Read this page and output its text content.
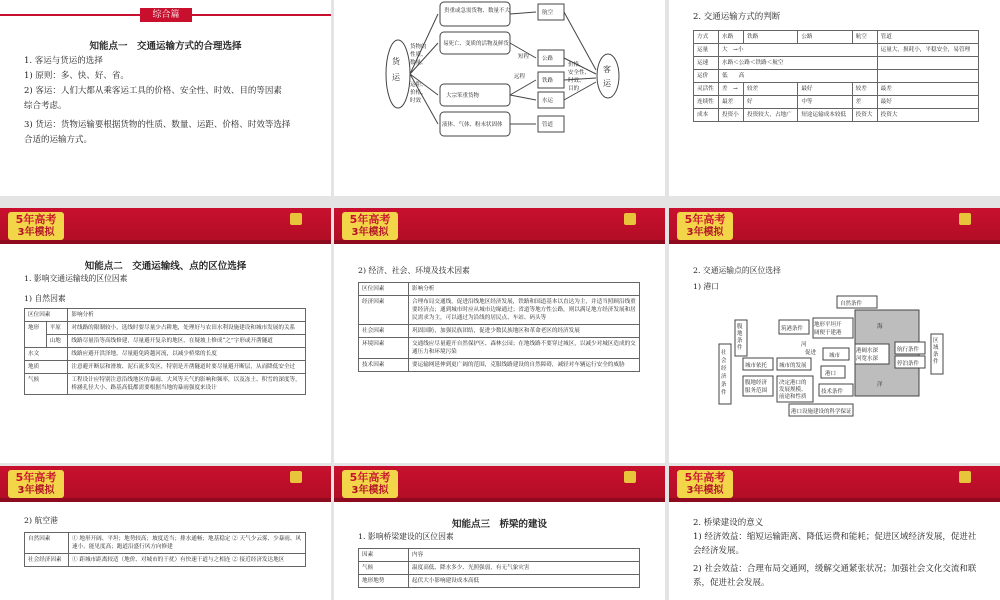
综合篇
知能点一　交通运输方式的合理选择
1. 客运与货运的选择
1) 原则：多、快、好、省。
2) 客运：人们大都从乘客运工具的价格、安全性、时效、目的等因素
综合考虑。
3) 货运：货物运输要根据货物的性质、数量、运距、价格、时效等选择
合适的运输方式。
货
运
货物的
性质、
数量、
运距、
价格、
时效
贵重或急需货物、数量不大
易死亡、变质的活物及鲜货
大宗笨重货物
液体、气体、粉末状固体
航空
公路
铁路
水运
管道
短程
远程
价格、
安全性、
时效、
目的
客
运
2. 交通运输方式的判断
方式	水路	铁路	公路	航空	管道
运量	大　→小				运量大，损耗小，平稳安全，易管理
运速	水路＜公路＜铁路＜航空				
运价	低　　高				
灵活性	差　→	较差	最好	较差	最差
连续性	最差	好	中等	差	最好
成本	投资小	投资较大，占地广	短途运输成本较低	投资大	投资大
5年高考
3年模拟
知能点二　交通运输线、点的区位选择
1. 影响交通运输线的区位因素
1) 自然因素
区位因素		影响分析
地形	平原	对线路的限制较小，选线时要尽量少占耕地，处理好与农田水利设施建设和城市发展的关系
	山地	线路尽量沿等高线修建，尽量避开复杂的地区，在疑坡上修成“之”字形或开凿隧道
水文		线路应避开洪泽地，尽量避免跨越河流，以减少桥梁的长度
地质		注意避开断层和滑坡、泥石流多发区，特别是开凿隧道时要尽量避开断层，从而降低安全过
气候		工程设计应特别注意沿线地区的暴雨、大风等天气的影响和频率，以及冻土、积雪的深度等，桥涵孔径大小、路基高低都需要根据当地的暴雨强度来设计
5年高考
3年模拟
2) 经济、社会、环境及技术因素
区位因素	影响分析
经济因素	合理布局交通线，促进沿线地区经济发展，铁路和国道基本以直达为主，并适当照顾沿线重要经济点；通到城市时应从城市边缘通过；省道等地方性公路，则以满足地方经济发展和居民需求为主，可以通过为沿线的居民点、车站、码头等
社会因素	巩固国防，加强民族团结，促进少数民族地区和革命老区的经济发展
环境因素	交通线应尽量避开自然保护区、森林公园；在地线路不要穿过城区，以减少对城区造成的交通压力和环境污染
技术因素	要运输网延伸到更广阔的范围，克服线路建设的自然障碍，减轻对车辆运行安全的威胁
5年高考
3年模拟
2. 交通运输点的区位选择
1) 港口
自然条件
区
域
条
件
腹
地
条
件
社
会
经
济
条
件
海
洋
筑港条件
地形平坦开
阔便于建港
港阔水深
河宽水深
航行条件
停泊条件
城市依托 城市的发展
城市
港口
腹地经济
服务范围
决定港口的
发展规模、
前途和性质
技术条件
港口设施建设的科学保证
河
促进
5年高考
3年模拟
2) 航空港
自然因素	① 地形开阔、平坦；地势较高；坡度适当；排水通畅；地基稳定 ② 天气少云雾、少暴雨、风速小、能见度高；跑道沿盛行风方向修建
社会经济因素	① 距城市距离较适（地价、对城市的干扰）有快速干道与之相连 ② 接近经济发达地区
5年高考
3年模拟
知能点三　桥梁的建设
1. 影响桥梁建设的区位因素
因素	内容
气候	温度高低、降水多少、光照强弱，有无气象灾害
地形地势	起伏大小影响建设成本高低
5年高考
3年模拟
2. 桥梁建设的意义
1) 经济效益：缩短运输距离、降低运费和能耗；促进区域经济发展，促进社
会经济发展。
2) 社会效益：合理布局交通网，缓解交通紧张状况；加强社会文化交流和联
系，促进社会发展。
